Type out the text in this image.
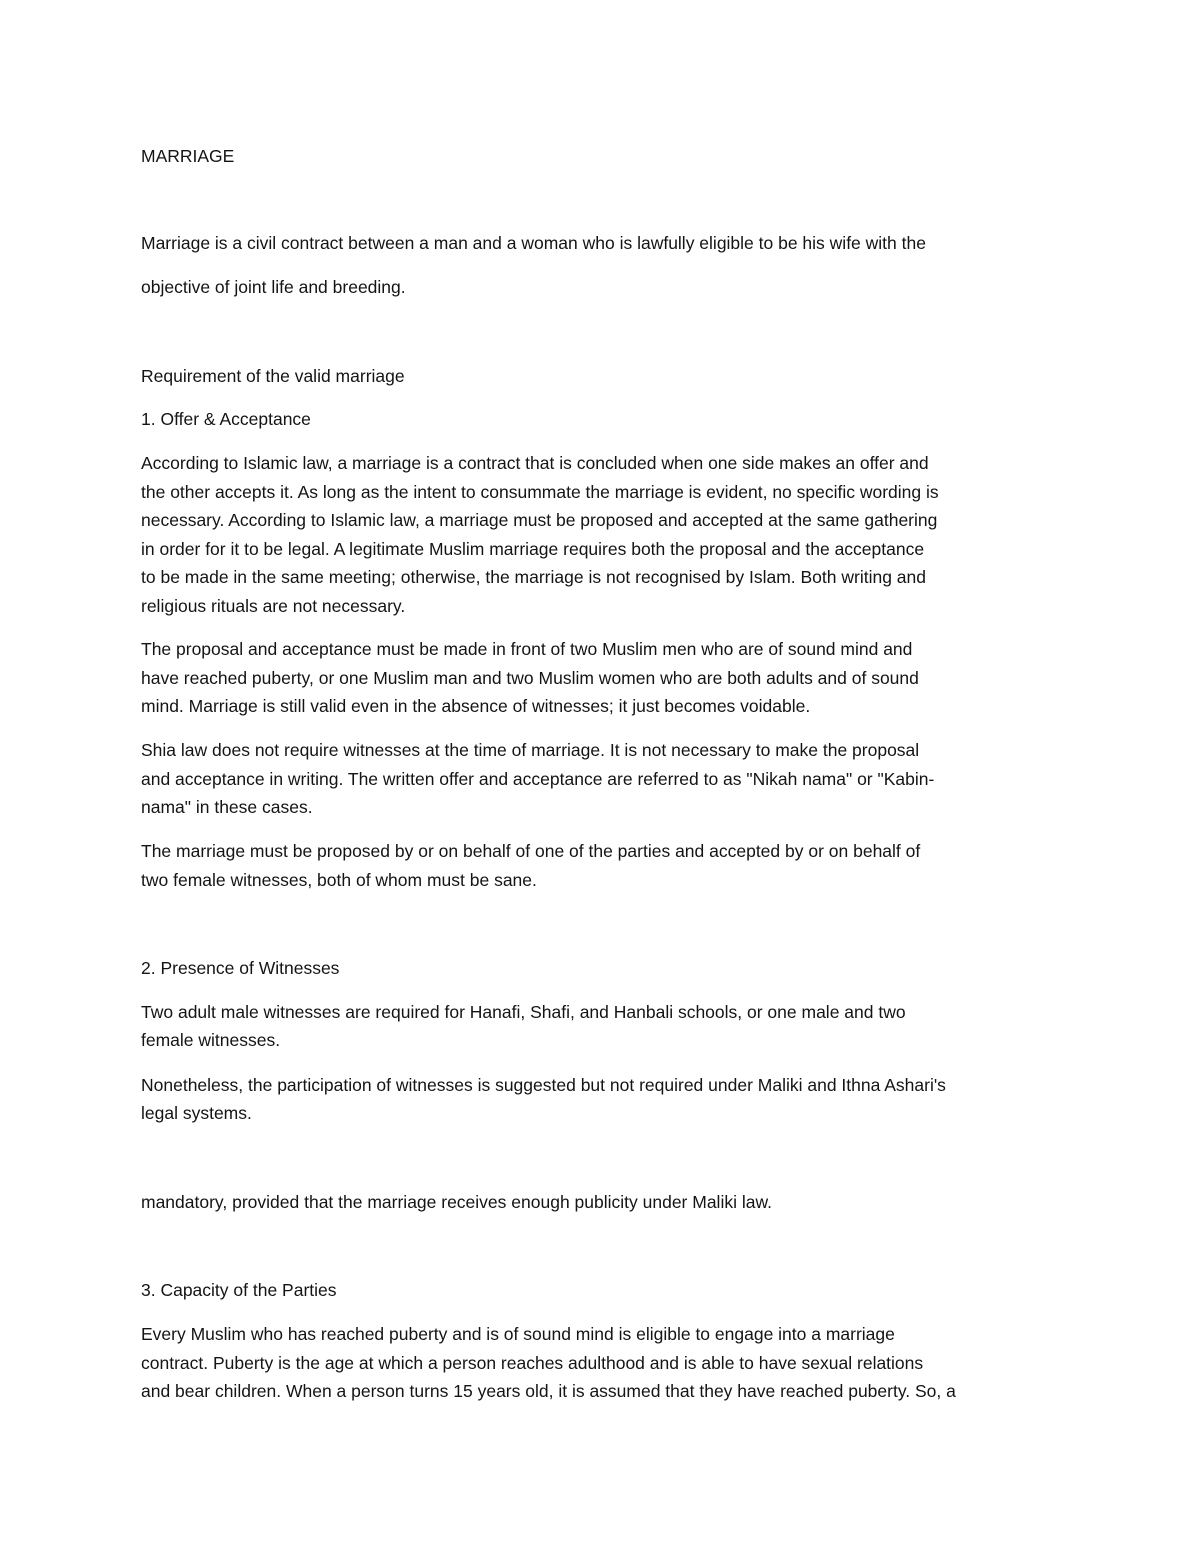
MARRIAGE
Marriage is a civil contract between a man and a woman who is lawfully eligible to be his wife with the
objective of joint life and breeding.
Requirement of the valid marriage
1. Offer & Acceptance
According to Islamic law, a marriage is a contract that is concluded when one side makes an offer and
the other accepts it. As long as the intent to consummate the marriage is evident, no specific wording is
necessary. According to Islamic law, a marriage must be proposed and accepted at the same gathering
in order for it to be legal. A legitimate Muslim marriage requires both the proposal and the acceptance
to be made in the same meeting; otherwise, the marriage is not recognised by Islam. Both writing and
religious rituals are not necessary.
The proposal and acceptance must be made in front of two Muslim men who are of sound mind and
have reached puberty, or one Muslim man and two Muslim women who are both adults and of sound
mind. Marriage is still valid even in the absence of witnesses; it just becomes voidable.
Shia law does not require witnesses at the time of marriage. It is not necessary to make the proposal
and acceptance in writing. The written offer and acceptance are referred to as "Nikah nama" or "Kabin-
nama" in these cases.
The marriage must be proposed by or on behalf of one of the parties and accepted by or on behalf of
two female witnesses, both of whom must be sane.
2. Presence of Witnesses
Two adult male witnesses are required for Hanafi, Shafi, and Hanbali schools, or one male and two
female witnesses.
Nonetheless, the participation of witnesses is suggested but not required under Maliki and Ithna Ashari's
legal systems.
mandatory, provided that the marriage receives enough publicity under Maliki law.
3. Capacity of the Parties
Every Muslim who has reached puberty and is of sound mind is eligible to engage into a marriage
contract. Puberty is the age at which a person reaches adulthood and is able to have sexual relations
and bear children. When a person turns 15 years old, it is assumed that they have reached puberty. So, a
